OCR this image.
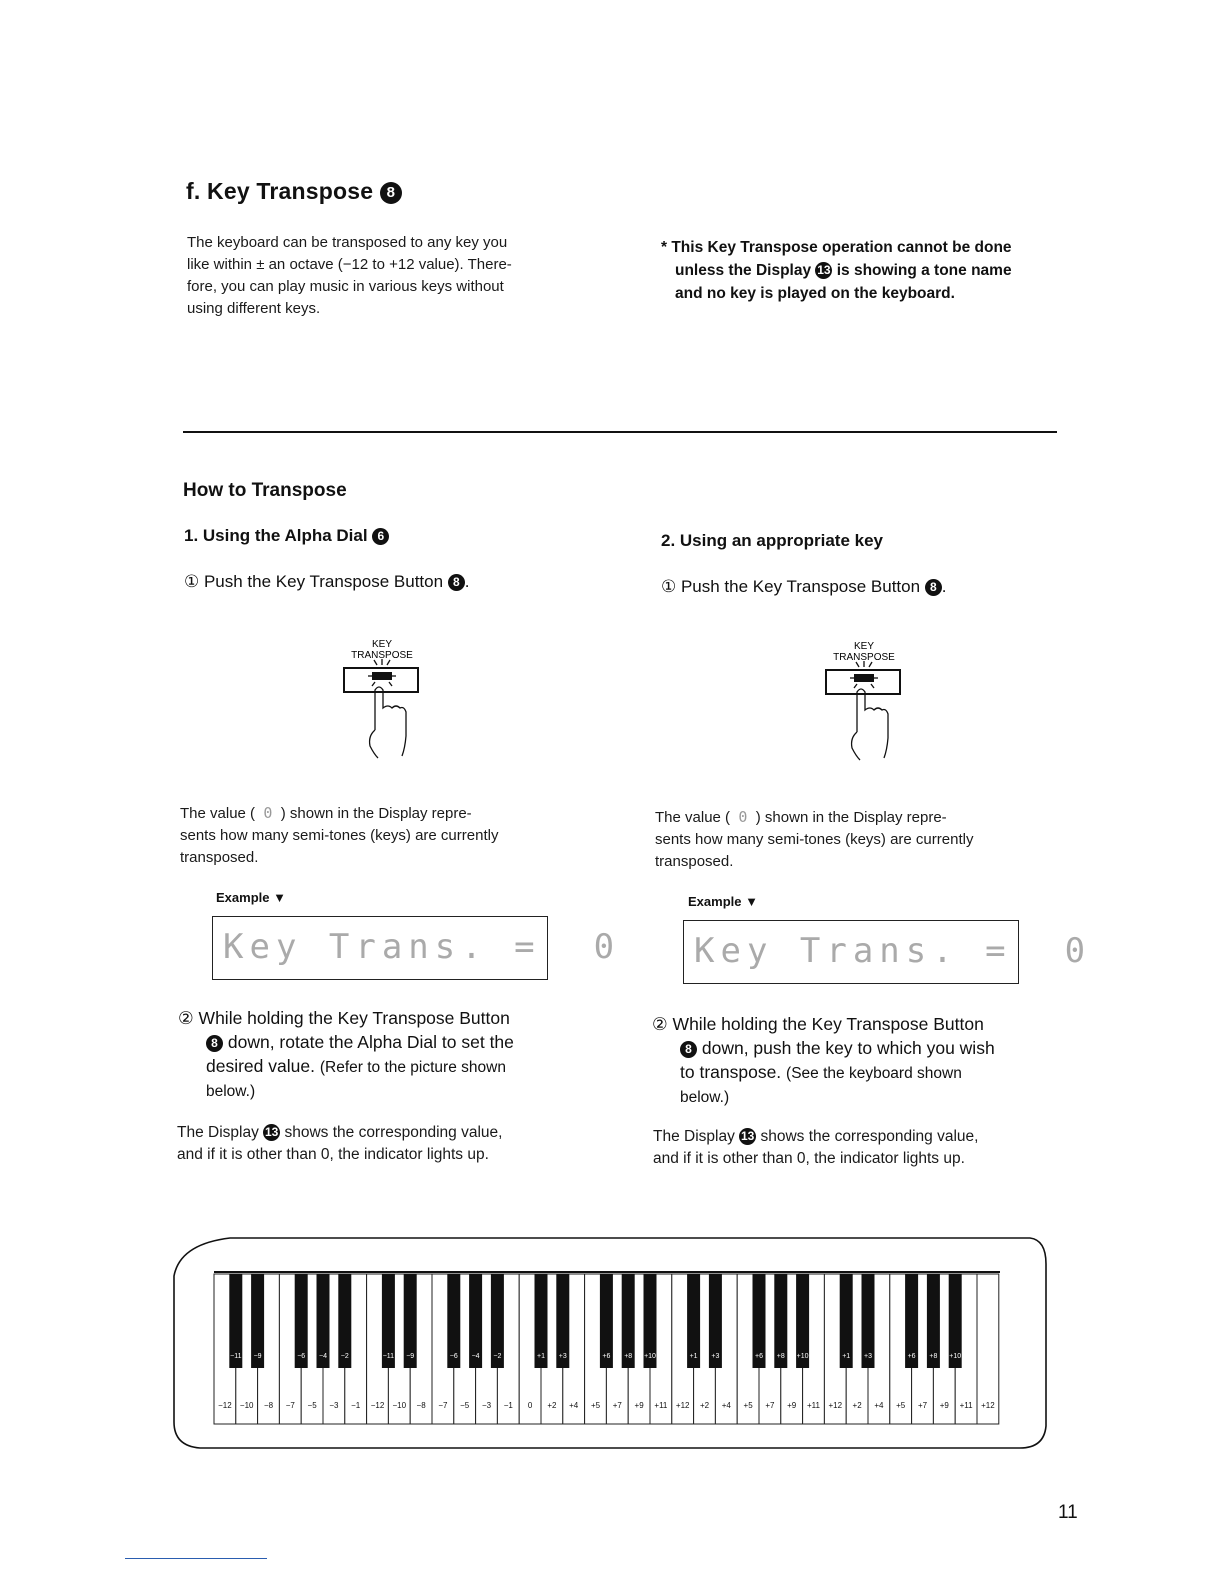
f. Key Transpose 8
The keyboard can be transposed to any key you
like within ± an octave (−12 to +12 value). There-
fore, you can play music in various keys without
using different keys.
* This Key Transpose operation cannot be done
unless the Display 13 is showing a tone name
and no key is played on the keyboard.
How to Transpose
1. Using the Alpha Dial 6
① Push the Key Transpose Button 8 .
KEY
TRANSPOSE
The value ( 0 ) shown in the Display repre-
sents how many semi-tones (keys) are currently
transposed.
Example ▼
Key Trans. =  0
② While holding the Key Transpose Button
8 down, rotate the Alpha Dial to set the
desired value. (Refer to the picture shown
below.)
The Display 13 shows the corresponding value,
and if it is other than 0, the indicator lights up.
2. Using an appropriate key
① Push the Key Transpose Button 8 .
KEY
TRANSPOSE
The value ( 0 ) shown in the Display repre-
sents how many semi-tones (keys) are currently
transposed.
Example ▼
Key Trans. =  0
② While holding the Key Transpose Button
8 down, push the key to which you wish
to transpose. (See the keyboard shown
below.)
The Display 13 shows the corresponding value,
and if it is other than 0, the indicator lights up.
−12 −10 −8 −7 −5 −3 −1 −12 −10 −8 −7 −5 −3 −1 0 +2 +4 +5 +7 +9 +11 +12 +2 +4 +5 +7 +9 +11 +12 +2 +4 +5 +7 +9 +11 +12
−11 −9	−6 −4 −2	−11 −9	−6 −4 −2	+1 +3	+6 +8 +10	+1 +3	+6 +8 +10	+1 +3	+6 +8 +10
11
